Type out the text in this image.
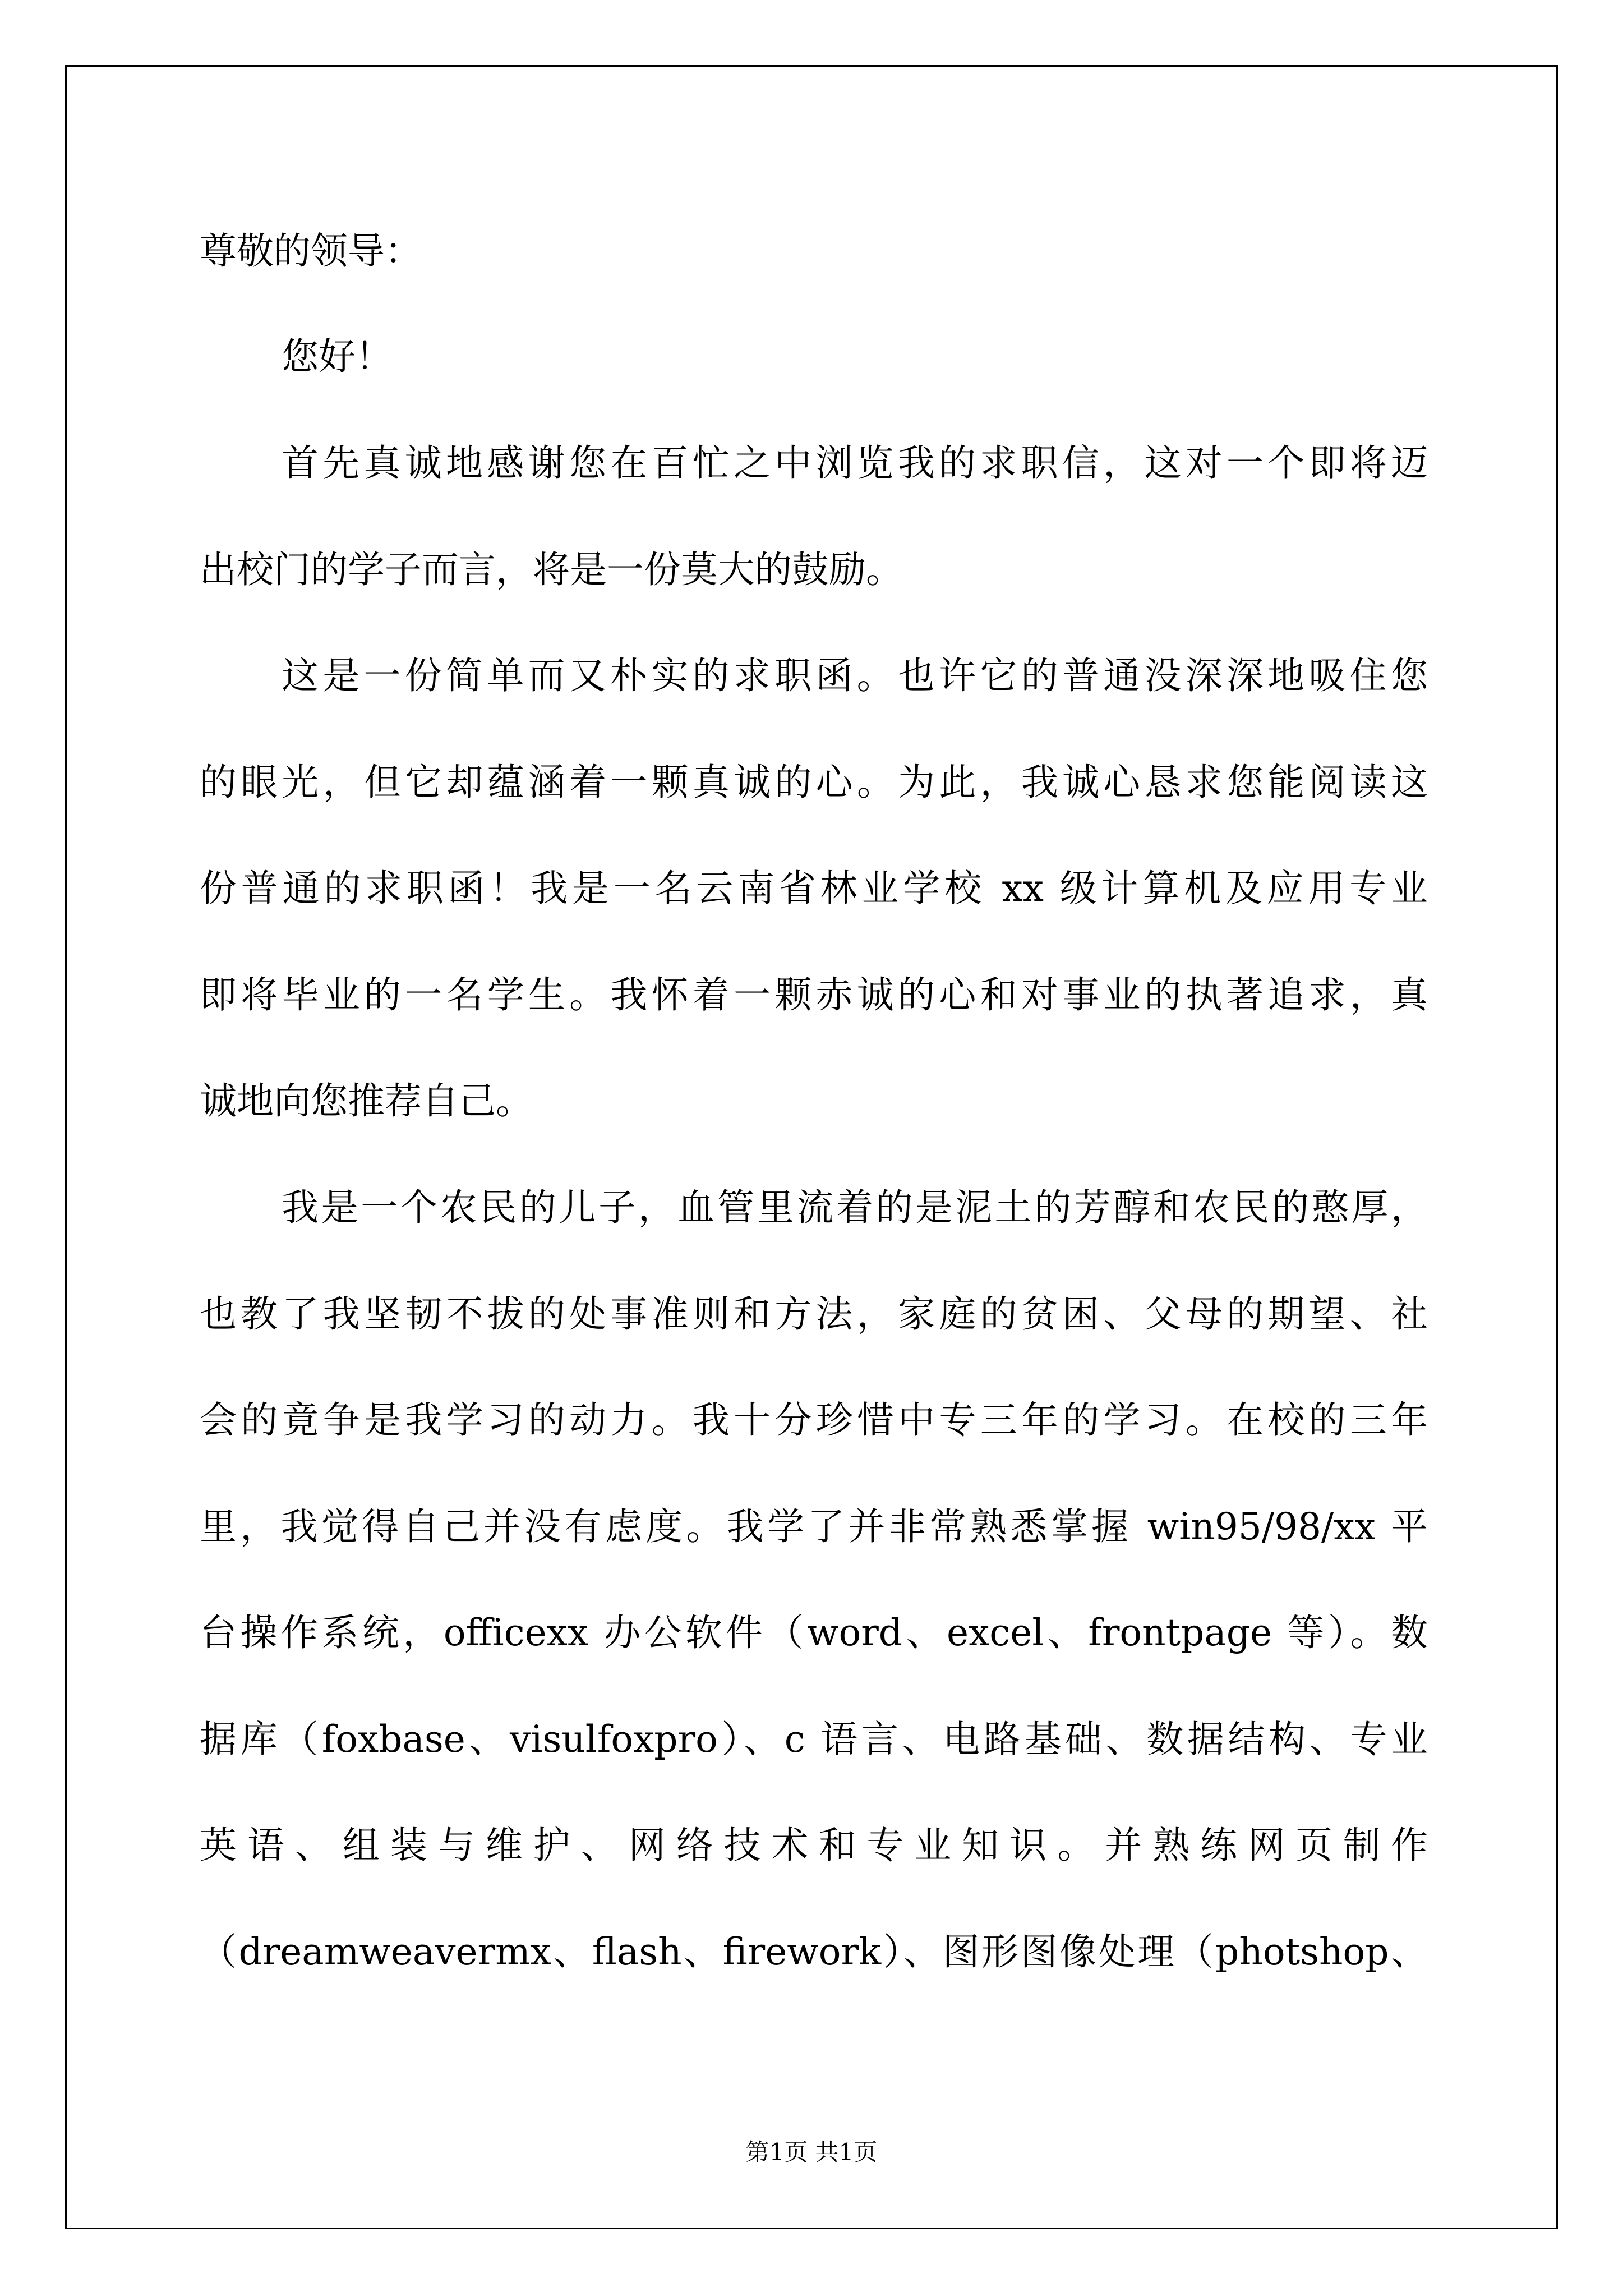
尊敬的领导：
您好！
首先真诚地感谢您在百忙之中浏览我的求职信，这对一个即将迈
出校门的学子而言，将是一份莫大的鼓励。
这是一份简单而又朴实的求职函。也许它的普通没深深地吸住您
的眼光，但它却蕴涵着一颗真诚的心。为此，我诚心恳求您能阅读这
份普通的求职函！我是一名云南省林业学校 xx 级计算机及应用专业
即将毕业的一名学生。我怀着一颗赤诚的心和对事业的执著追求，真
诚地向您推荐自己。
我是一个农民的儿子，血管里流着的是泥土的芳醇和农民的憨厚，
也教了我坚韧不拔的处事准则和方法，家庭的贫困、父母的期望、社
会的竟争是我学习的动力。我十分珍惜中专三年的学习。在校的三年
里，我觉得自己并没有虑度。我学了并非常熟悉掌握 win95/98/xx 平
台操作系统，officexx 办公软件（word、excel、frontpage 等）。数
据库（foxbase、visulfoxpro）、c 语言、电路基础、数据结构、专业
英语、组装与维护、网络技术和专业知识。并熟练网页制作
（dreamweavermx、flash、firework）、图形图像处理（photshop、
第1页 共1页
